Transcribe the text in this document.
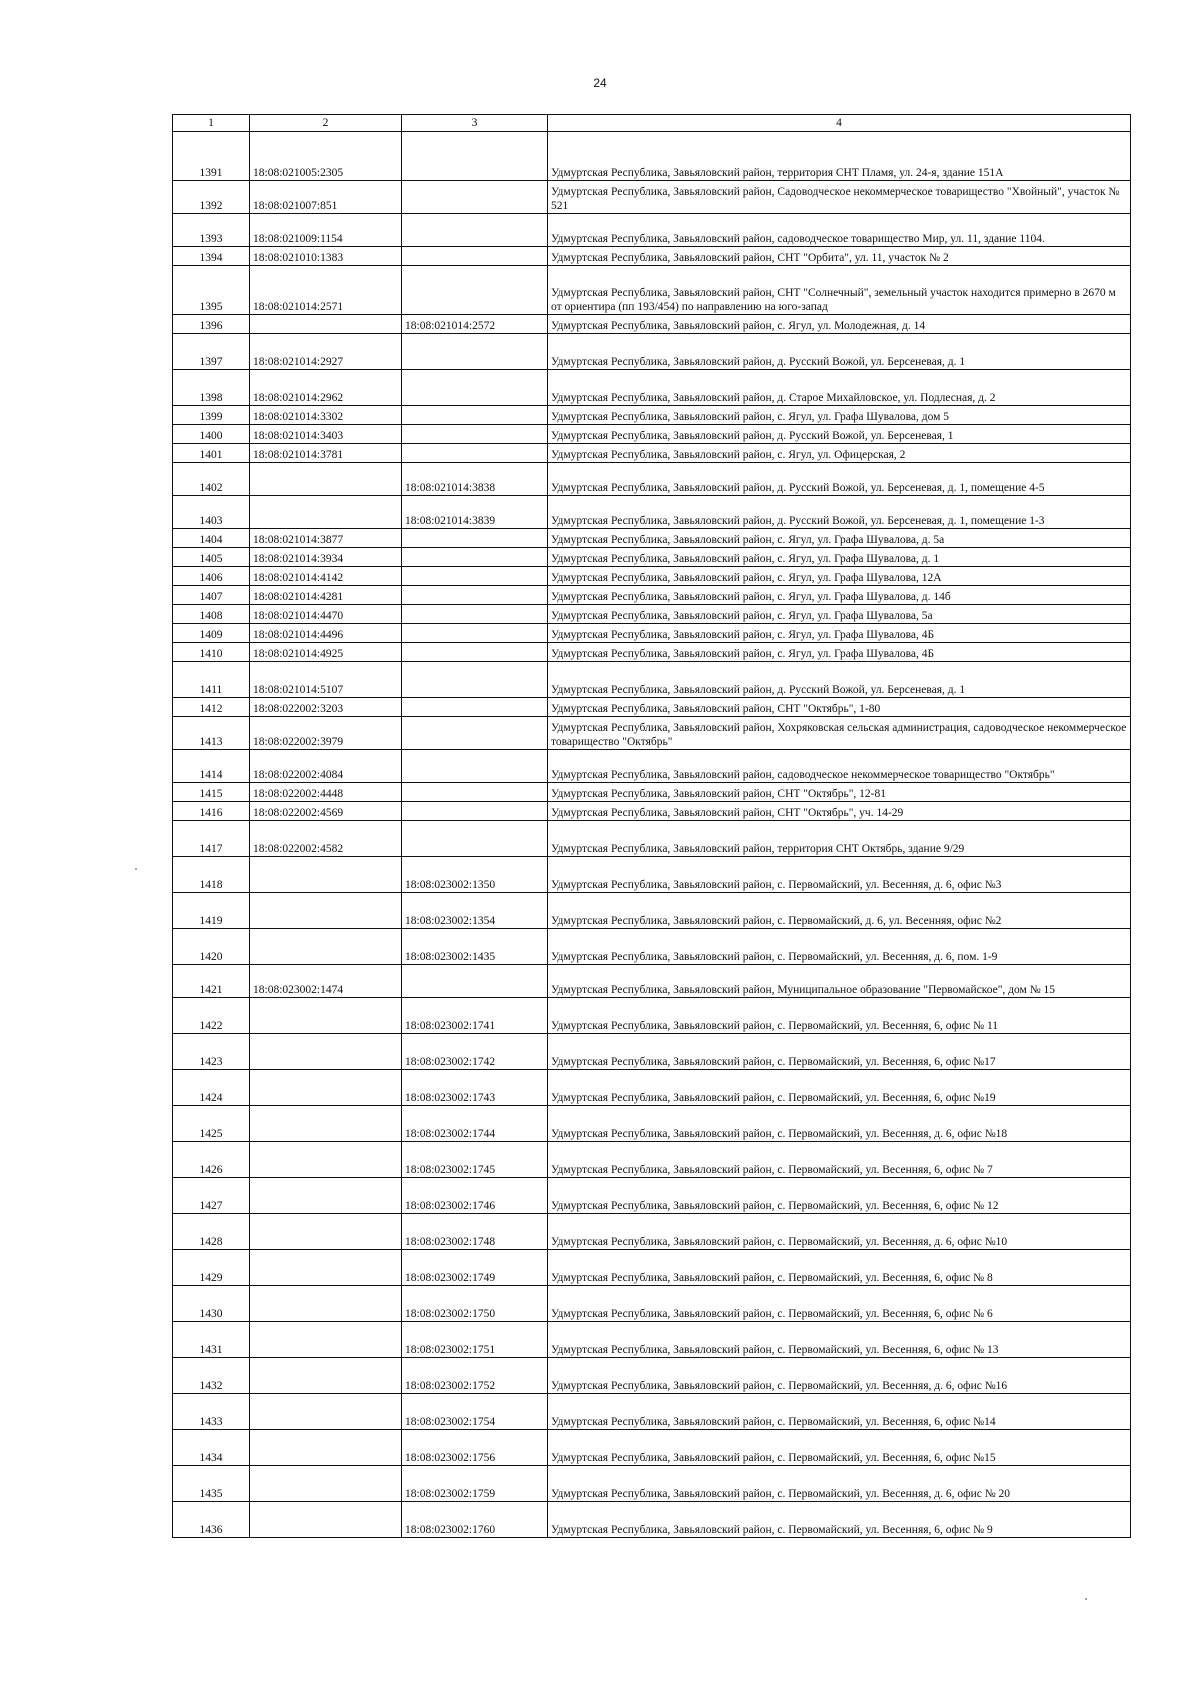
24
1	2	3	4
1391	18:08:021005:2305		Удмуртская Республика, Завьяловский район, территория СНТ Пламя, ул. 24-я, здание 151А
1392	18:08:021007:851		Удмуртская Республика, Завьяловский район, Садоводческое некоммерческое товарищество "Хвойный", участок № 521
1393	18:08:021009:1154		Удмуртская Республика, Завьяловский район, садоводческое товарищество Мир, ул. 11, здание 1104.
1394	18:08:021010:1383		Удмуртская Республика, Завьяловский район, СНТ "Орбита", ул. 11, участок № 2
1395	18:08:021014:2571		Удмуртская Республика, Завьяловский район, СНТ "Солнечный", земельный участок находится примерно в 2670 м от ориентира (пп 193/454) по направлению на юго-запад
1396		18:08:021014:2572	Удмуртская Республика, Завьяловский район, с. Ягул, ул. Молодежная, д. 14
1397	18:08:021014:2927		Удмуртская Республика, Завьяловский район, д. Русский Вожой, ул. Берсеневая, д. 1
1398	18:08:021014:2962		Удмуртская Республика, Завьяловский район, д. Старое Михайловское, ул. Подлесная, д. 2
1399	18:08:021014:3302		Удмуртская Республика, Завьяловский район, с. Ягул, ул. Графа Шувалова, дом 5
1400	18:08:021014:3403		Удмуртская Республика, Завьяловский район, д. Русский Вожой, ул. Берсеневая, 1
1401	18:08:021014:3781		Удмуртская Республика, Завьяловский район, с. Ягул, ул. Офицерская, 2
1402		18:08:021014:3838	Удмуртская Республика, Завьяловский район, д. Русский Вожой, ул. Берсеневая, д. 1, помещение 4-5
1403		18:08:021014:3839	Удмуртская Республика, Завьяловский район, д. Русский Вожой, ул. Берсеневая, д. 1, помещение 1-3
1404	18:08:021014:3877		Удмуртская Республика, Завьяловский район, с. Ягул, ул. Графа Шувалова, д. 5а
1405	18:08:021014:3934		Удмуртская Республика, Завьяловский район, с. Ягул, ул. Графа Шувалова, д. 1
1406	18:08:021014:4142		Удмуртская Республика, Завьяловский район, с. Ягул, ул. Графа Шувалова, 12А
1407	18:08:021014:4281		Удмуртская Республика, Завьяловский район, с. Ягул, ул. Графа Шувалова, д. 14б
1408	18:08:021014:4470		Удмуртская Республика, Завьяловский район, с. Ягул, ул. Графа Шувалова, 5а
1409	18:08:021014:4496		Удмуртская Республика, Завьяловский район, с. Ягул, ул. Графа Шувалова, 4Б
1410	18:08:021014:4925		Удмуртская Республика, Завьяловский район, с. Ягул, ул. Графа Шувалова, 4Б
1411	18:08:021014:5107		Удмуртская Республика, Завьяловский район, д. Русский Вожой, ул. Берсеневая, д. 1
1412	18:08:022002:3203		Удмуртская Республика, Завьяловский район, СНТ "Октябрь", 1-80
1413	18:08:022002:3979		Удмуртская Республика, Завьяловский район, Хохряковская сельская администрация, садоводческое некоммерческое товарищество "Октябрь"
1414	18:08:022002:4084		Удмуртская Республика, Завьяловский район, садоводческое некоммерческое товарищество "Октябрь"
1415	18:08:022002:4448		Удмуртская Республика, Завьяловский район, СНТ "Октябрь", 12-81
1416	18:08:022002:4569		Удмуртская Республика, Завьяловский район, СНТ "Октябрь", уч. 14-29
1417	18:08:022002:4582		Удмуртская Республика, Завьяловский район, территория СНТ Октябрь, здание 9/29
1418		18:08:023002:1350	Удмуртская Республика, Завьяловский район, с. Первомайский, ул. Весенняя, д. 6, офис №3
1419		18:08:023002:1354	Удмуртская Республика, Завьяловский район, с. Первомайский, д. 6, ул. Весенняя, офис №2
1420		18:08:023002:1435	Удмуртская Республика, Завьяловский район, с. Первомайский, ул. Весенняя, д. 6, пом. 1-9
1421	18:08:023002:1474		Удмуртская Республика, Завьяловский район, Муниципальное образование "Первомайское", дом № 15
1422		18:08:023002:1741	Удмуртская Республика, Завьяловский район, с. Первомайский, ул. Весенняя, 6, офис № 11
1423		18:08:023002:1742	Удмуртская Республика, Завьяловский район, с. Первомайский, ул. Весенняя, 6, офис №17
1424		18:08:023002:1743	Удмуртская Республика, Завьяловский район, с. Первомайский, ул. Весенняя, 6, офис №19
1425		18:08:023002:1744	Удмуртская Республика, Завьяловский район, с. Первомайский, ул. Весенняя, д. 6, офис №18
1426		18:08:023002:1745	Удмуртская Республика, Завьяловский район, с. Первомайский, ул. Весенняя, 6, офис № 7
1427		18:08:023002:1746	Удмуртская Республика, Завьяловский район, с. Первомайский, ул. Весенняя, 6, офис № 12
1428		18:08:023002:1748	Удмуртская Республика, Завьяловский район, с. Первомайский, ул. Весенняя, д. 6, офис №10
1429		18:08:023002:1749	Удмуртская Республика, Завьяловский район, с. Первомайский, ул. Весенняя, 6, офис № 8
1430		18:08:023002:1750	Удмуртская Республика, Завьяловский район, с. Первомайский, ул. Весенняя, 6, офис № 6
1431		18:08:023002:1751	Удмуртская Республика, Завьяловский район, с. Первомайский, ул. Весенняя, 6, офис № 13
1432		18:08:023002:1752	Удмуртская Республика, Завьяловский район, с. Первомайский, ул. Весенняя, д. 6, офис №16
1433		18:08:023002:1754	Удмуртская Республика, Завьяловский район, с. Первомайский, ул. Весенняя, 6, офис №14
1434		18:08:023002:1756	Удмуртская Республика, Завьяловский район, с. Первомайский, ул. Весенняя, 6, офис №15
1435		18:08:023002:1759	Удмуртская Республика, Завьяловский район, с. Первомайский, ул. Весенняя, д. 6, офис № 20
1436		18:08:023002:1760	Удмуртская Республика, Завьяловский район, с. Первомайский, ул. Весенняя, 6, офис № 9
